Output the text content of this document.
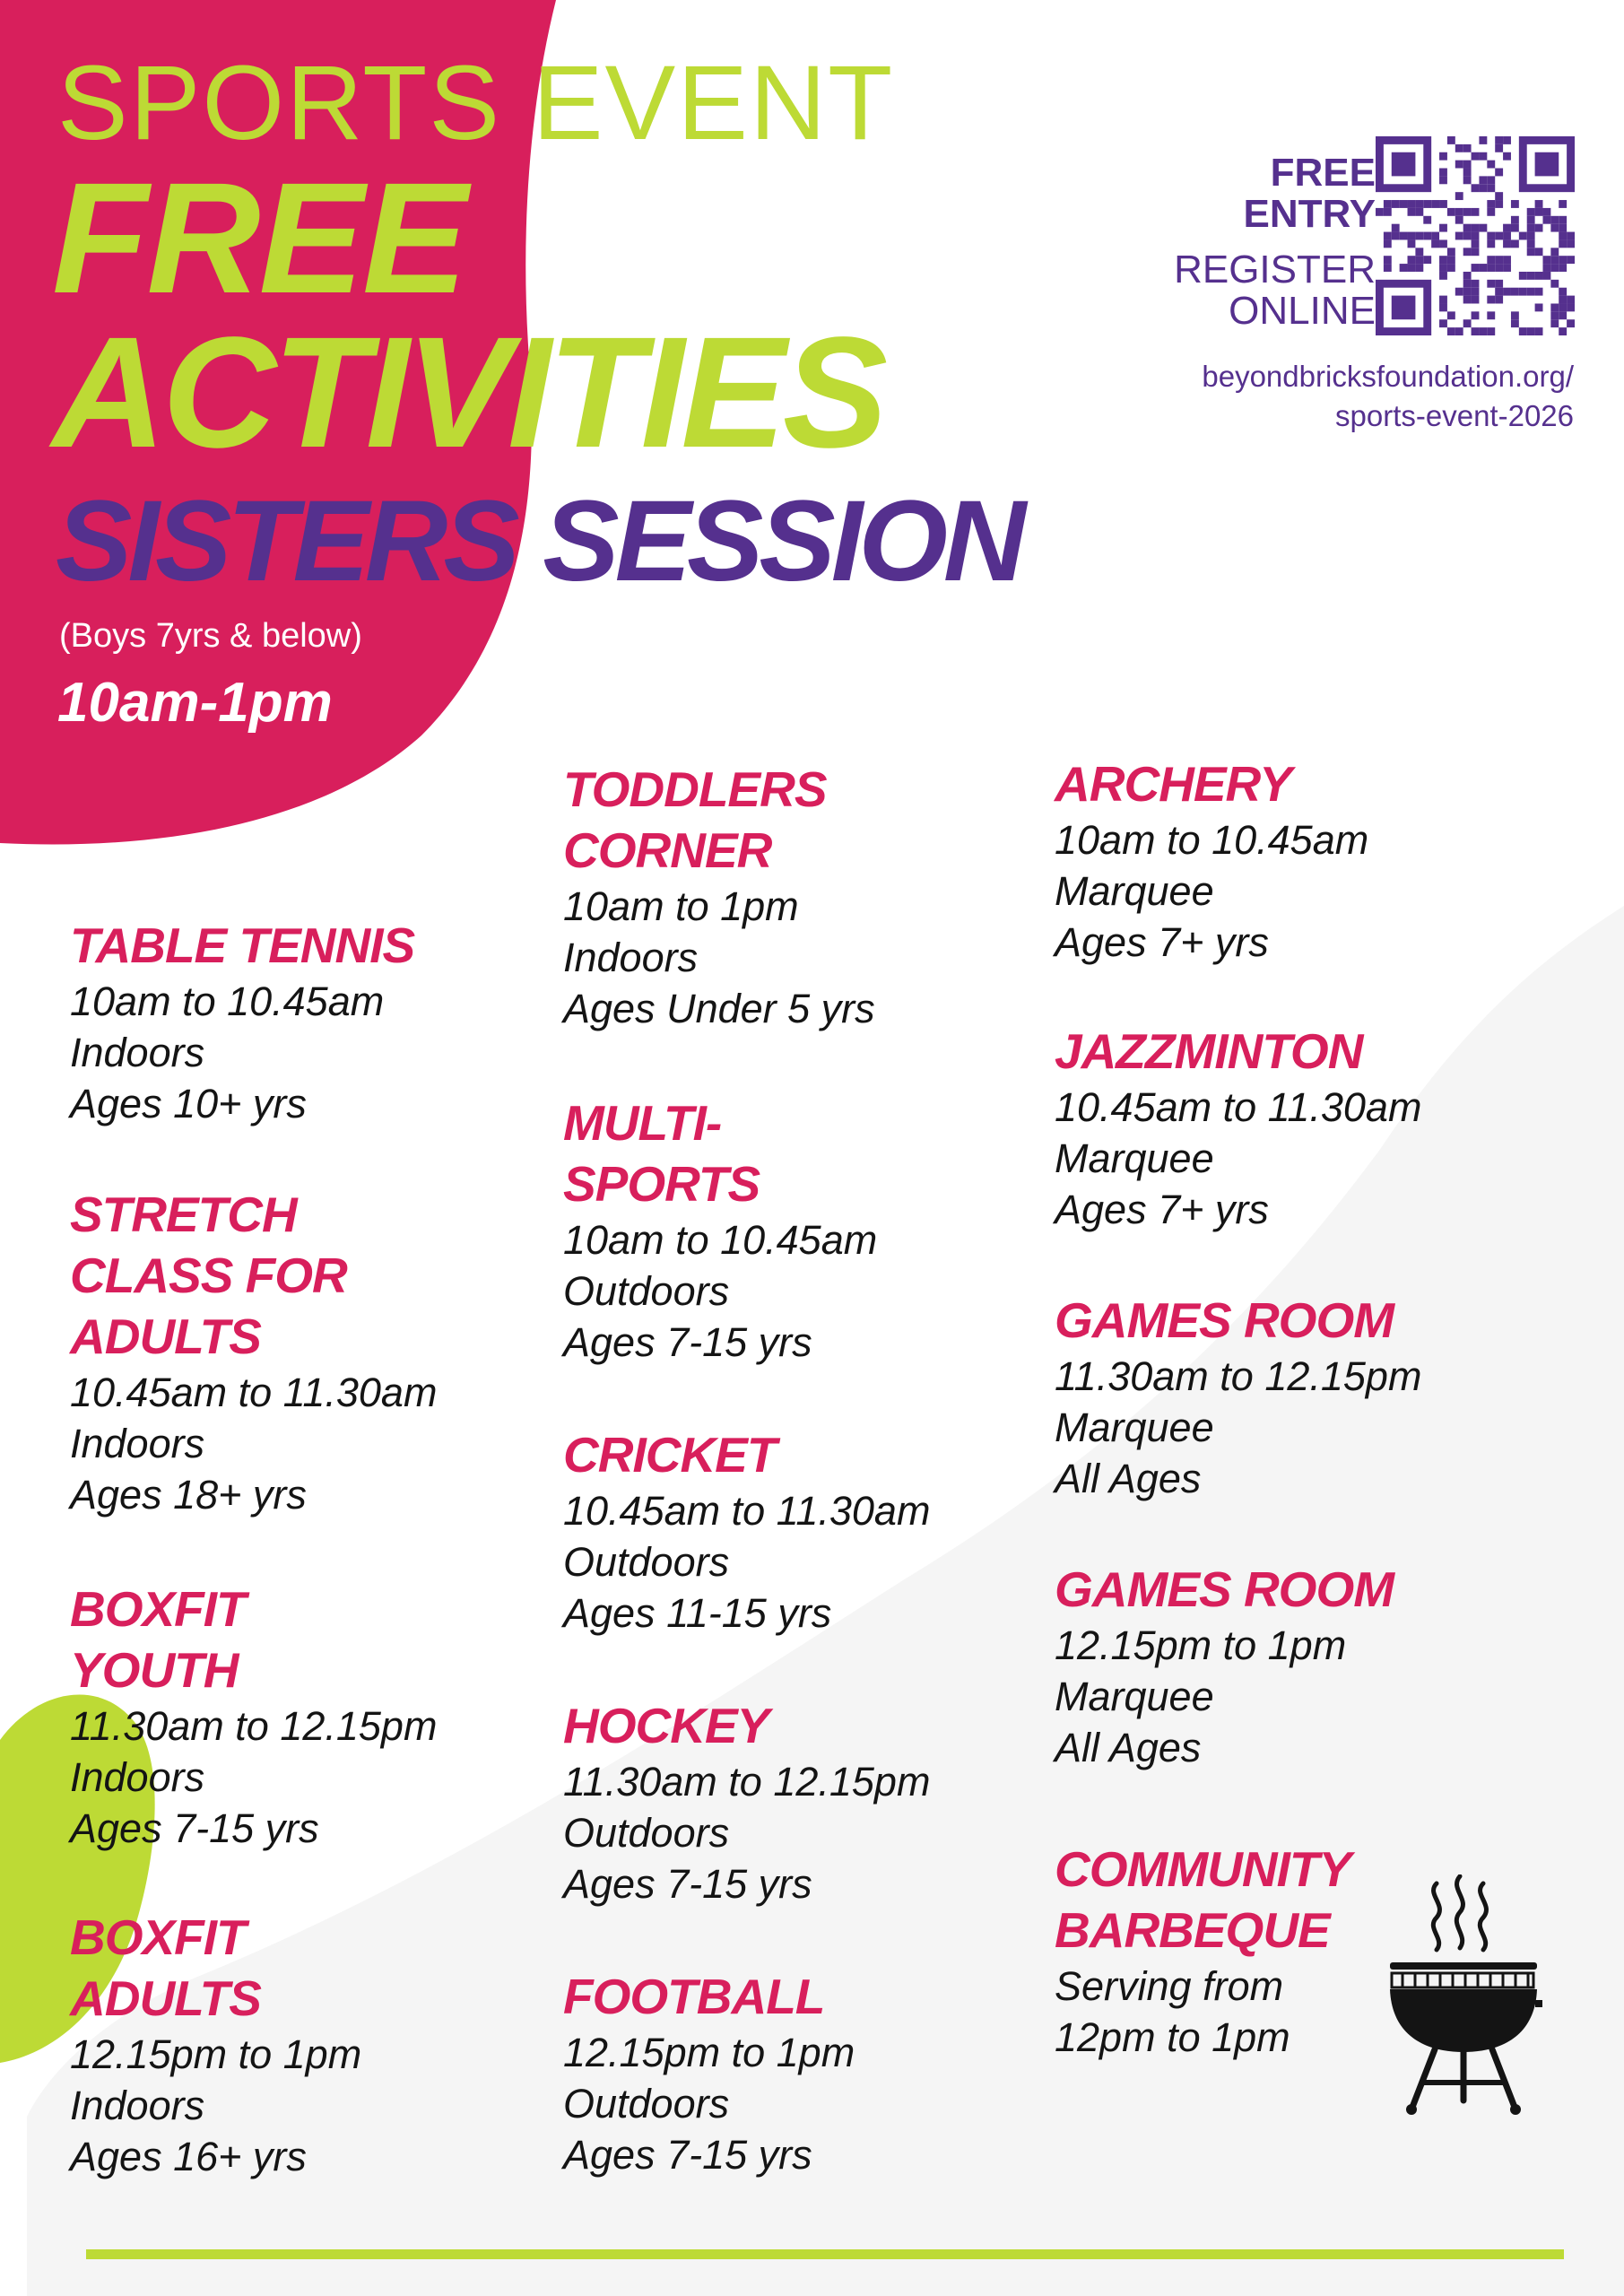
SPORTS EVENT

FREE

ACTIVITIES

SISTERS SESSION

(Boys 7yrs & below)

10am-1pm

FREE
ENTRY
REGISTER
ONLINE
beyondbricksfoundation.org/
sports-event-2026

TABLE TENNIS

10am to 10.45am

Indoors

Ages 10+ yrs

STRETCH
CLASS FOR
ADULTS

10.45am to 11.30am

Indoors

Ages 18+ yrs

BOXFIT
YOUTH

11.30am to 12.15pm

Indoors

Ages 7-15 yrs

BOXFIT
ADULTS

12.15pm to 1pm

Indoors

Ages 16+ yrs

TODDLERS
CORNER

10am to 1pm

Indoors

Ages Under 5 yrs

MULTI-
SPORTS

10am to 10.45am

Outdoors

Ages 7-15 yrs

CRICKET

10.45am to 11.30am

Outdoors

Ages 11-15 yrs

HOCKEY

11.30am to 12.15pm

Outdoors

Ages 7-15 yrs

FOOTBALL

12.15pm to 1pm

Outdoors

Ages 7-15 yrs

ARCHERY

10am to 10.45am

Marquee

Ages 7+ yrs

JAZZMINTON

10.45am to 11.30am

Marquee

Ages 7+ yrs

GAMES ROOM

11.30am to 12.15pm

Marquee

All Ages

GAMES ROOM

12.15pm to 1pm

Marquee

All Ages

COMMUNITY
BARBEQUE

Serving from

12pm to 1pm
